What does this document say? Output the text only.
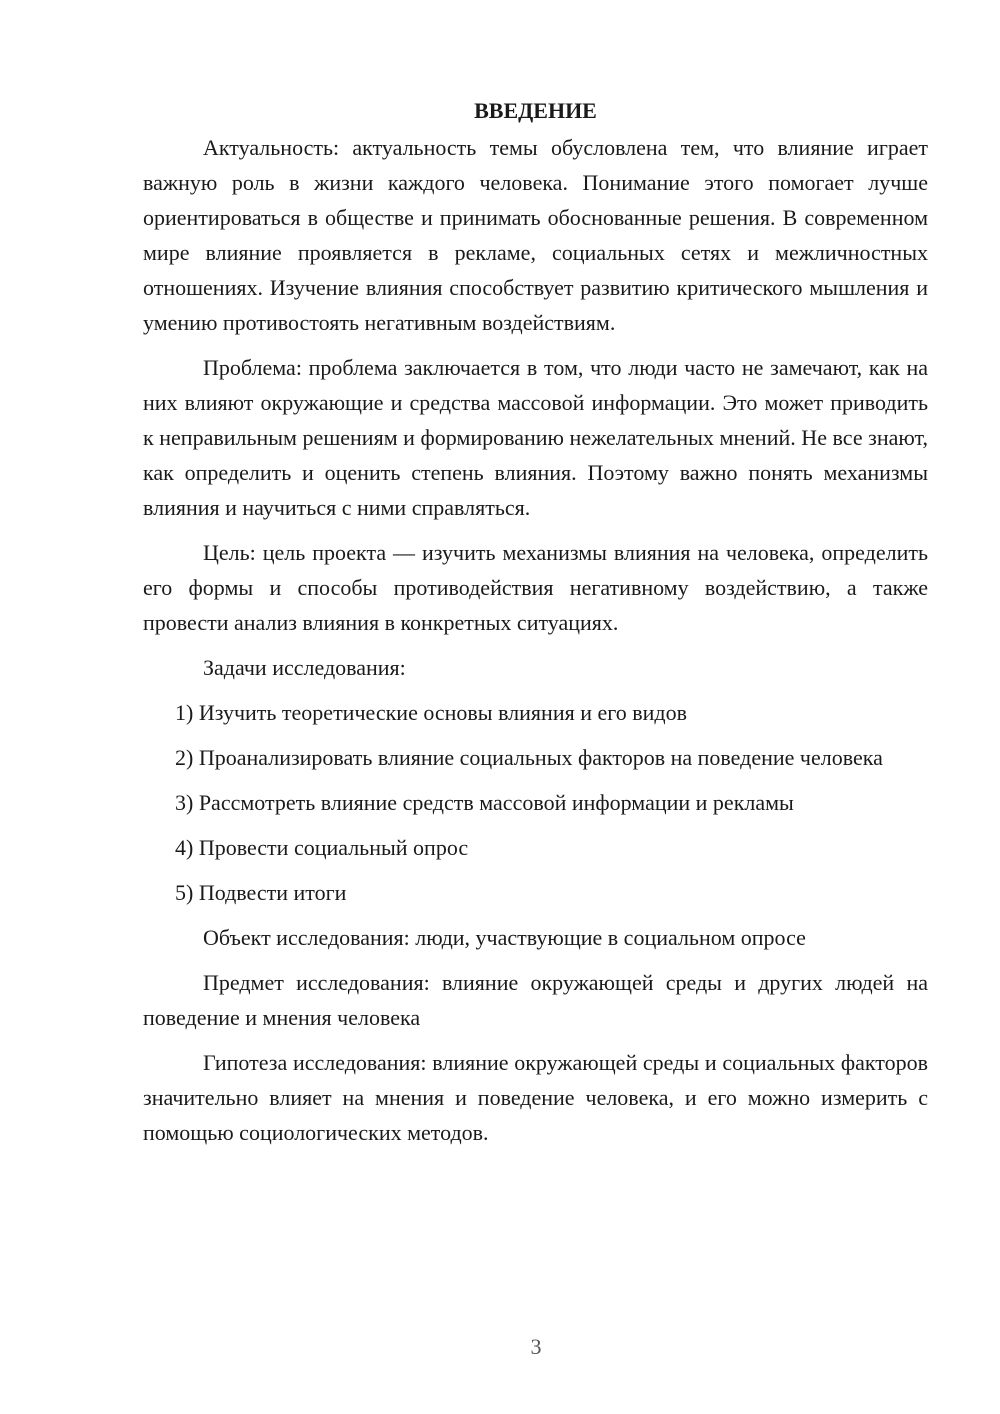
ВВЕДЕНИЕ

Актуальность: актуальность темы обусловлена тем, что влияние играет важную роль в жизни каждого человека. Понимание этого помогает лучше ориентироваться в обществе и принимать обоснованные решения. В современном мире влияние проявляется в рекламе, социальных сетях и межличностных отношениях. Изучение влияния способствует развитию критического мышления и умению противостоять негативным воздействиям.

Проблема: проблема заключается в том, что люди часто не замечают, как на них влияют окружающие и средства массовой информации. Это может приводить к неправильным решениям и формированию нежелательных мнений. Не все знают, как определить и оценить степень влияния. Поэтому важно понять механизмы влияния и научиться с ними справляться.

Цель: цель проекта — изучить механизмы влияния на человека, определить его формы и способы противодействия негативному воздействию, а также провести анализ влияния в конкретных ситуациях.

Задачи исследования:

1) Изучить теоретические основы влияния и его видов

2) Проанализировать влияние социальных факторов на поведение человека

3) Рассмотреть влияние средств массовой информации и рекламы

4) Провести социальный опрос

5) Подвести итоги

Объект исследования: люди, участвующие в социальном опросе

Предмет исследования: влияние окружающей среды и других людей на поведение и мнения человека

Гипотеза исследования: влияние окружающей среды и социальных факторов значительно влияет на мнения и поведение человека, и его можно измерить с помощью социологических методов.

3
